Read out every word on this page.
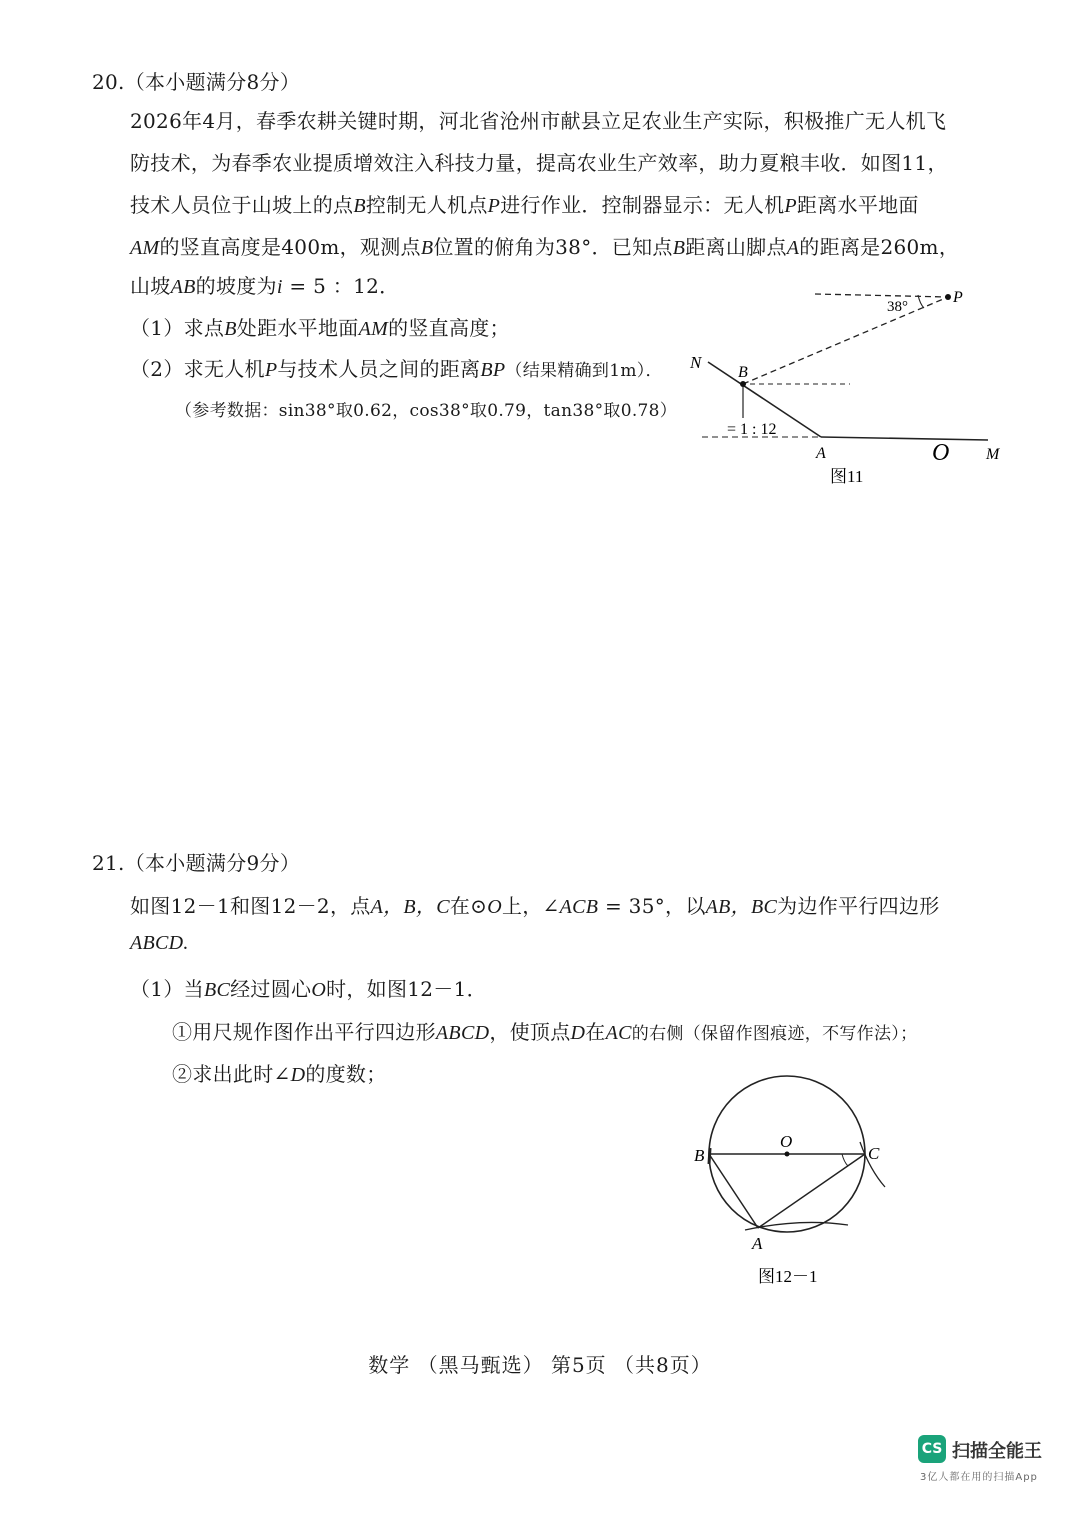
20.（本小题满分8分）
2026年4月，春季农耕关键时期，河北省沧州市献县立足农业生产实际，积极推广无人机飞
防技术，为春季农业提质增效注入科技力量，提高农业生产效率，助力夏粮丰收．如图11，
技术人员位于山坡上的点B控制无人机点P进行作业．控制器显示：无人机P距离水平地面
AM的竖直高度是400m，观测点B位置的俯角为38°．已知点B距离山脚点A的距离是260m，
山坡AB的坡度为i = 5 ：12．
（1）求点B处距水平地面AM的竖直高度；
（2）求无人机P与技术人员之间的距离BP（结果精确到1m）．
（参考数据：sin38°取0.62，cos38°取0.79，tan38°取0.78）
N
B
P
38°
= 1 : 12
A	O M
图11
21.（本小题满分9分）
如图12－1和图12－2，点A，B，C在⊙O上，∠ACB = 35°，以AB，BC为边作平行四边形
ABCD.
（1）当BC经过圆心O时，如图12－1．
①用尺规作图作出平行四边形ABCD，使顶点D在AC的右侧（保留作图痕迹，不写作法）；
②求出此时∠D的度数；
O
B	C
A
图12－1
数学 （黑马甄选） 第5页 （共8页）
CS 扫描全能王
3亿人都在用的扫描App
